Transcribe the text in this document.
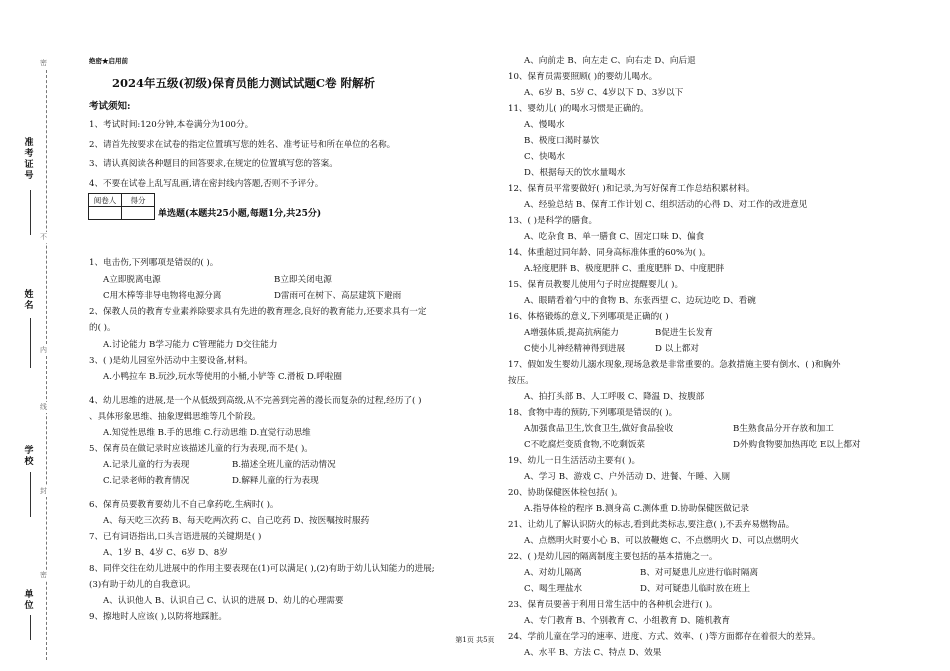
密
不
内
线
封
密
准考证号
姓名
学校
单位
绝密★启用前
2024年五级(初级)保育员能力测试试题C卷 附解析
考试须知:
1、考试时间:120分钟,本卷满分为100分。
2、请首先按要求在试卷的指定位置填写您的姓名、准考证号和所在单位的名称。
3、请认真阅读各种题目的回答要求,在规定的位置填写您的答案。
4、不要在试卷上乱写乱画,请在密封线内答题,否则不予评分。
阅卷人	得分

单选题(本题共25小题,每题1分,共25分)
1、电击伤,下列哪项是错误的( )。
A立即脱离电源	B立即关闭电源
C用木棒等非导电物将电源分离	D雷雨可在树下、高层建筑下避雨
2、保教人员的教育专业素养除要求具有先进的教育理念,良好的教育能力,还要求具有一定
的( )。
A.讨论能力 B学习能力 C管理能力 D交往能力
3、( )是幼儿园室外活动中主要设备,材料。
A.小鸭拉车 B.玩沙,玩水等使用的小桶,小铲等 C.滑板 D.呼啦圈
4、幼儿思维的进展,是一个从低级到高级,从不完善到完善的漫长而复杂的过程,经历了( )
、具体形象思维、抽象逻辑思维等几个阶段。
A.知觉性思维 B.手的思维 C.行动思维 D.直觉行动思维
5、保育员在做记录时应该描述儿童的行为表现,而不是( )。
A.记录儿童的行为表现	B.描述全班儿童的活动情况
C.记录老师的教育情况	D.解释儿童的行为表现
6、保育员要教育要幼儿不自己拿药吃,生病时( )。
A、每天吃三次药 B、每天吃两次药 C、自己吃药 D、按医嘱按时服药
7、已有词语指出,口头言语进展的关键期是( )
A、1岁 B、4岁 C、6岁 D、8岁
8、同伴交往在幼儿进展中的作用主要表现在(1)可以满足( ),(2)有助于幼儿认知能力的进展;
(3)有助于幼儿的自我意识。
A、认识他人 B、认识自己 C、认识的进展 D、幼儿的心理需要
9、擦地时人应该( ),以防将地踩脏。
A、向前走 B、向左走 C、向右走 D、向后退
10、保育员需要照顾( )的婴幼儿喝水。
A、6岁 B、5岁 C、4岁以下 D、3岁以下
11、婴幼儿( )的喝水习惯是正确的。
A、慢喝水
B、极度口渴时暴饮
C、快喝水
D、根据每天的饮水量喝水
12、保育员平常要做好( )和记录,为写好保育工作总结积累材料。
A、经验总结 B、保育工作计划 C、组织活动的心得 D、对工作的改进意见
13、( )是科学的膳食。
A、吃杂食 B、单一膳食 C、固定口味 D、偏食
14、体重超过同年龄、同身高标准体重的60%为( )。
A.轻度肥胖 B、极度肥胖 C、重度肥胖 D、中度肥胖
15、保育员教婴儿使用勺子时应提醒婴儿( )。
A、眼睛看着勺中的食物 B、东张西望 C、边玩边吃 D、看碗
16、体格锻炼的意义,下列哪项是正确的( )
A增强体质,提高抗病能力	B促进生长发育
C使小儿神经精神得到进展	D 以上都对
17、假如发生婴幼儿溺水现象,现场急救是非常重要的。急救措施主要有倒水、( )和胸外
按压。
A、拍打头部 B、人工呼吸 C、降温 D、按腹部
18、食物中毒的预防,下列哪项是错误的( )。
A加强食品卫生,饮食卫生,做好食品验收	B生熟食品分开存放和加工
C不吃腐烂变质食物,不吃剩饭菜	D外购食物要加热再吃 E以上都对
19、幼儿一日生活活动主要有( )。
A、学习 B、游戏 C、户外活动 D、进餐、午睡、入厕
20、协助保健医体检包括( )。
A.指导体检的程序 B.测身高 C.测体重 D.协助保健医做记录
21、让幼儿了解认识防火的标志,看到此类标志,要注意( ),不丢弃易燃物品。
A、点燃明火时要小心 B、可以放鞭炮 C、不点燃明火 D、可以点燃明火
22、( )是幼儿园的隔离制度主要包括的基本措施之一。
A、对幼儿隔离	B、对可疑患儿应进行临时隔离
C、喝生理盐水	D、对可疑患儿临时放在班上
23、保育员要善于利用日常生活中的各种机会进行( )。
A、专门教育 B、个别教育 C、小组教育 D、随机教育
24、学前儿童在学习的速率、进度、方式、效率、( )等方面都存在着很大的差异。
A、水平 B、方法 C、特点 D、效果
第1页 共5页
